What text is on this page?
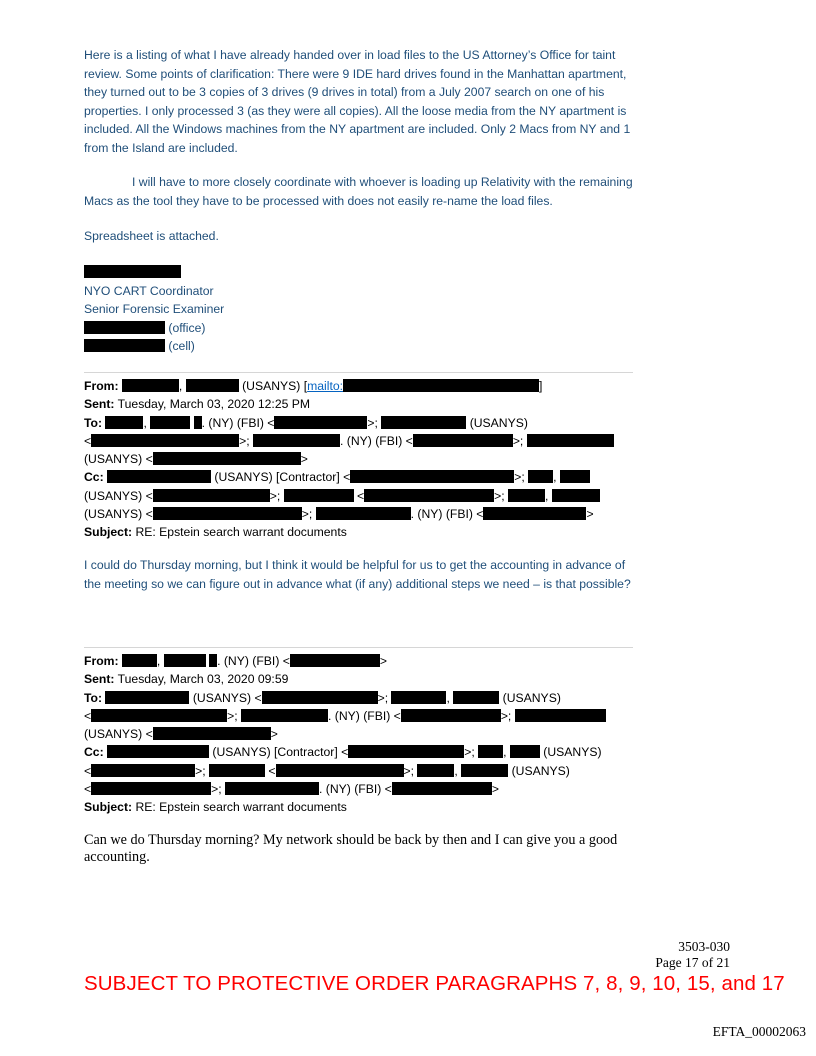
Here is a listing of what I have already handed over in load files to the US Attorney’s Office for taint review. Some points of clarification: There were 9 IDE hard drives found in the Manhattan apartment, they turned out to be 3 copies of 3 drives (9 drives in total) from a July 2007 search on one of his properties. I only processed 3 (as they were all copies). All the loose media from the NY apartment is included. All the Windows machines from the NY apartment are included. Only 2 Macs from NY and 1 from the Island are included.

I will have to more closely coordinate with whoever is loading up Relativity with the remaining Macs as the tool they have to be processed with does not easily re-name the load files.

Spreadsheet is attached.

NYO CART Coordinator
Senior Forensic Examiner
(office)
(cell)
From:	,	(USANYS) [mailto:	]
Sent: Tuesday, March 03, 2020 12:25 PM
To:	,	. (NY) (FBI) <	>;	(USANYS)
<	>;	. (NY) (FBI) <	>;
(USANYS) <	>
Cc:	(USANYS) [Contractor] <	>; ,
(USANYS) <	>;	<	>;	,
(USANYS) <	>;	. (NY) (FBI) <	>
Subject: RE: Epstein search warrant documents

I could do Thursday morning, but I think it would be helpful for us to get the accounting in advance of the meeting so we can figure out in advance what (if any) additional steps we need – is that possible?

From:	,	. (NY) (FBI) <	>
Sent: Tuesday, March 03, 2020 09:59
To:	(USANYS) <	>;	,	(USANYS)
<	>;	. (NY) (FBI) <	>;
(USANYS) <	>
Cc:	(USANYS) [Contractor] <	>; ,	(USANYS)
<	>;	<	>;	,	(USANYS)
<	>;	. (NY) (FBI) <	>
Subject: RE: Epstein search warrant documents

Can we do Thursday morning? My network should be back by then and I can give you a good accounting.

3503-030
Page 17 of 21
SUBJECT TO PROTECTIVE ORDER PARAGRAPHS 7, 8, 9, 10, 15, and 17
EFTA_00002063
